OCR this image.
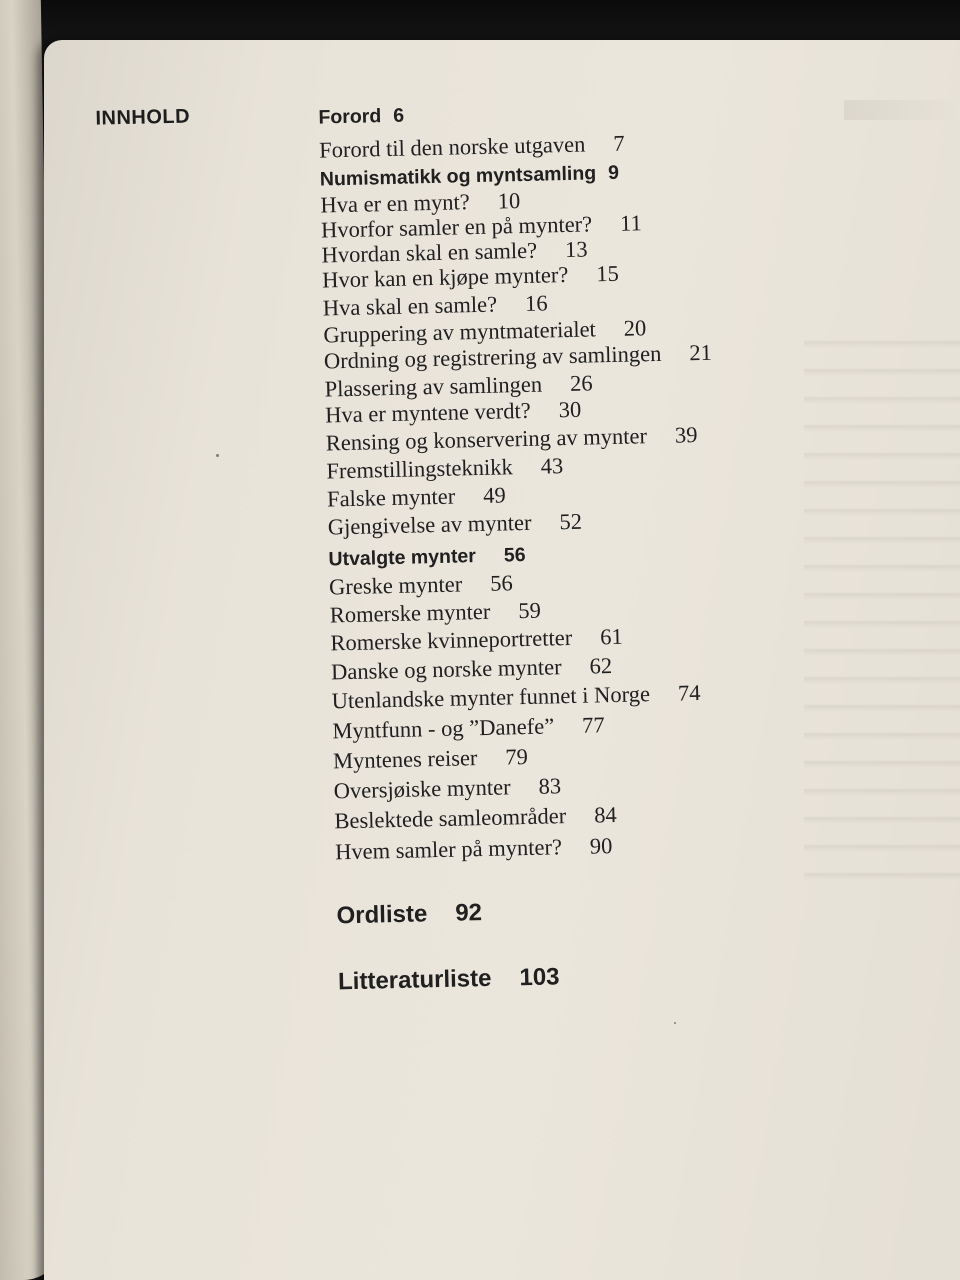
INNHOLD	Forord 6
Forord til den norske utgaven 7
Numismatikk og myntsamling 9
Hva er en mynt? 10
Hvorfor samler en på mynter? 11
Hvordan skal en samle? 13
Hvor kan en kjøpe mynter? 15
Hva skal en samle? 16
Gruppering av myntmaterialet 20
Ordning og registrering av samlingen 21
Plassering av samlingen 26
Hva er myntene verdt? 30
Rensing og konservering av mynter 39
Fremstillingsteknikk 43
Falske mynter 49
Gjengivelse av mynter 52
Utvalgte mynter 56
Greske mynter 56
Romerske mynter 59
Romerske kvinneportretter 61
Danske og norske mynter 62
Utenlandske mynter funnet i Norge 74
Myntfunn - og ”Danefe” 77
Myntenes reiser 79
Oversjøiske mynter 83
Beslektede samleområder 84
Hvem samler på mynter? 90
Ordliste 92
Litteraturliste 103
